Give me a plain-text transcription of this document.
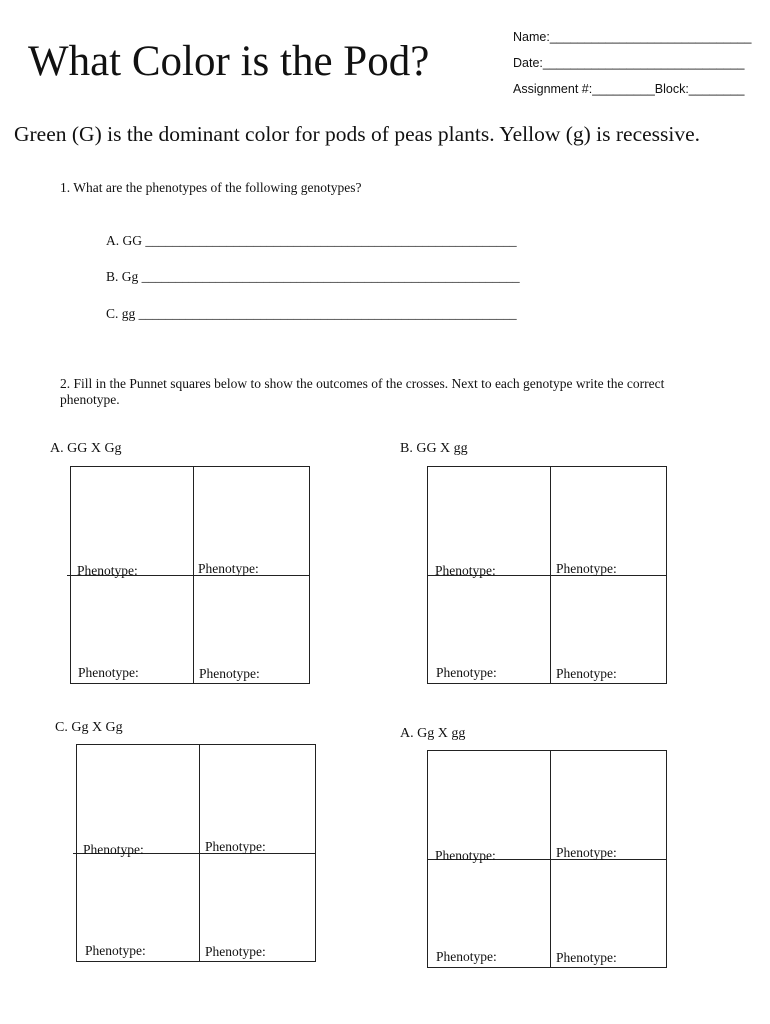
What Color is the Pod?
Name:_____________________________
Date:_____________________________
Assignment #:_________Block:________
Green (G) is the dominant color for pods of peas plants. Yellow (g) is recessive.
1. What are the phenotypes of the following genotypes?
A. GG _______________________________________________________
B. Gg ________________________________________________________
C. gg ________________________________________________________
2. Fill in the Punnet squares below to show the outcomes of the crosses. Next to each genotype write the correct phenotype.
A. GG X Gg
Phenotype:	Phenotype:
Phenotype:	Phenotype:
B. GG X gg
Phenotype:	Phenotype:
Phenotype:	Phenotype:
C. Gg X Gg
Phenotype:	Phenotype:
Phenotype:	Phenotype:
A. Gg X gg
Phenotype:	Phenotype:
Phenotype:	Phenotype:
